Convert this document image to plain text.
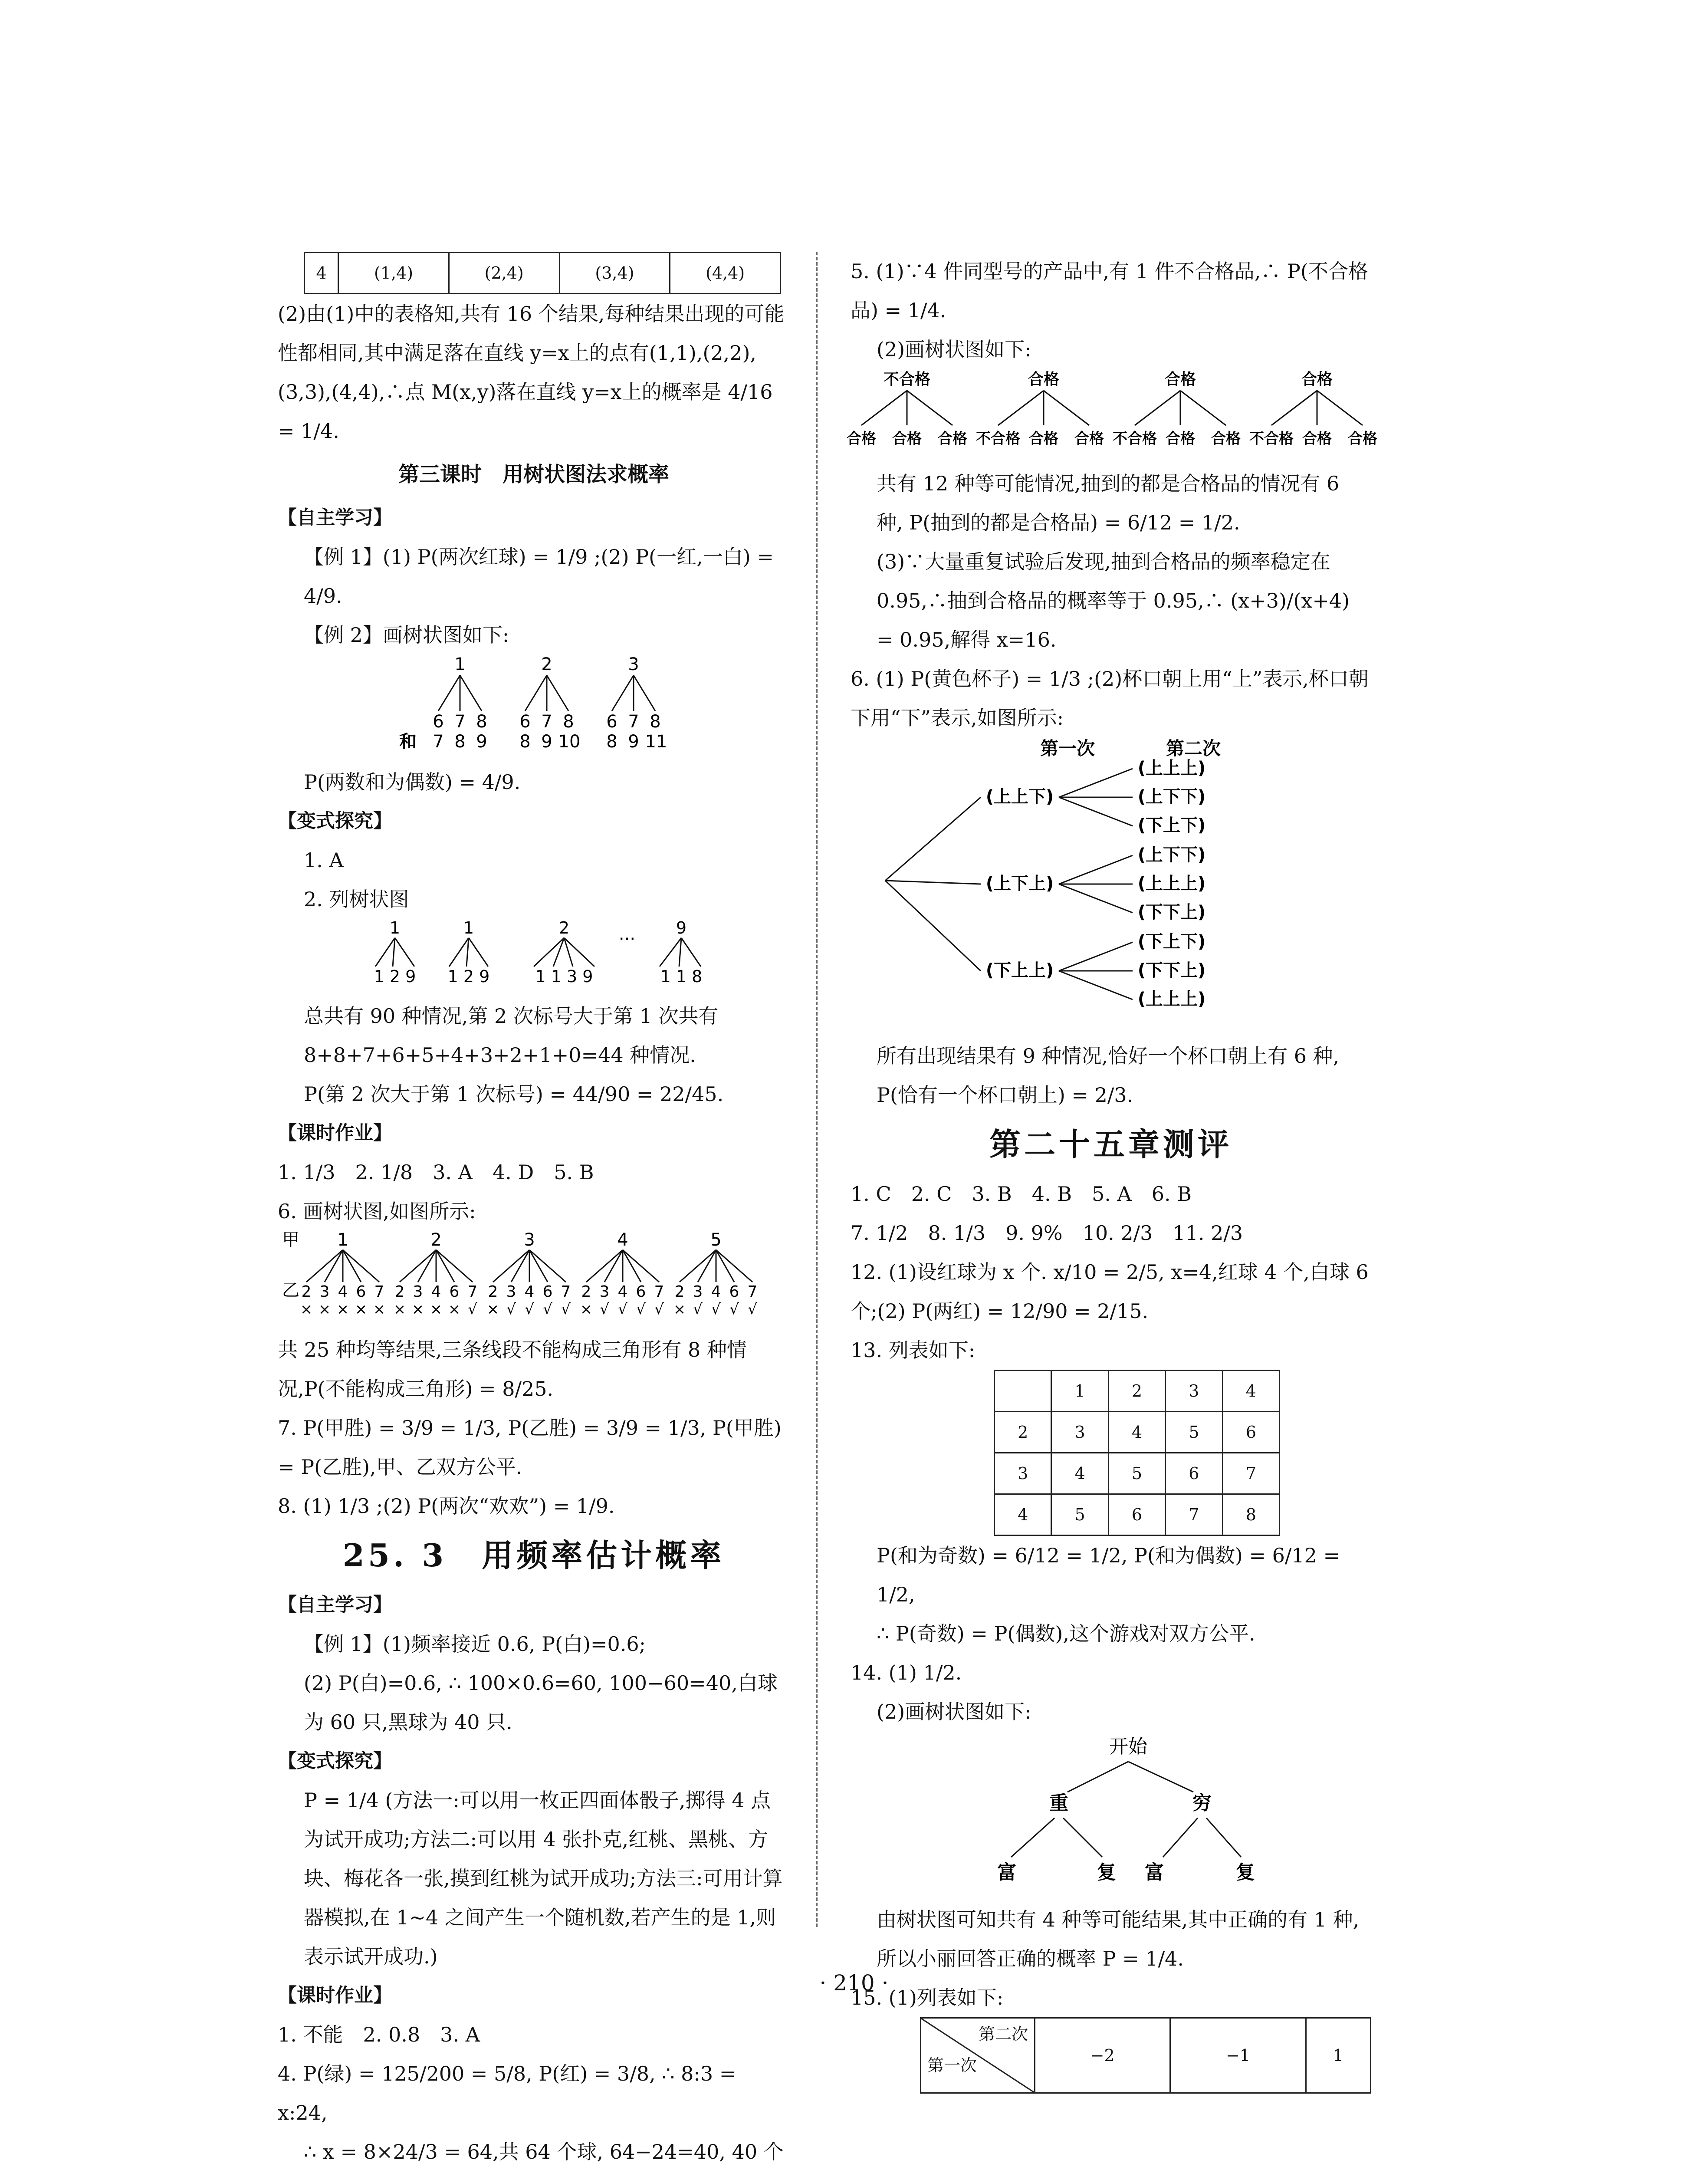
4	(1,4)	(2,4)	(3,4)	(4,4)
(2)由(1)中的表格知,共有 16 个结果,每种结果出现的可能性都相同,其中满足落在直线 y=x上的点有(1,1),(2,2),(3,3),(4,4),∴点 M(x,y)落在直线 y=x上的概率是 4/16 = 1/4.
第三课时　用树状图法求概率
【自主学习】
【例 1】(1) P(两次红球) = 1/9 ;(2) P(一红,一白) = 4/9.
【例 2】画树状图如下:
1
6 7 8
和 7 8 9
2
6 7 8
8 9 10
3
6 7 8
8 9 11
P(两数和为偶数) = 4/9.
【变式探究】
1. A
2. 列树状图
1
1 2 9
1
1 2 9
2
1 1 3 9
···
9
1 1 8
总共有 90 种情况,第 2 次标号大于第 1 次共有 8+8+7+6+5+4+3+2+1+0=44 种情况.
P(第 2 次大于第 1 次标号) = 44/90 = 22/45.
【课时作业】
1. 1/3　2. 1/8　3. A　4. D　5. B
6. 画树状图,如图所示:
甲
乙
1
2 3 4 6 7
× × × × ×
2
2 3 4 6 7
× × × × √
3
2 3 4 6 7
× √ √ √ √
4
2 3 4 6 7
× √ √ √ √
5
2 3 4 6 7
× √ √ √ √
共 25 种均等结果,三条线段不能构成三角形有 8 种情况,P(不能构成三角形) = 8/25.
7. P(甲胜) = 3/9 = 1/3, P(乙胜) = 3/9 = 1/3, P(甲胜) = P(乙胜),甲、乙双方公平.
8. (1) 1/3 ;(2) P(两次“欢欢”) = 1/9.
25. 3　用频率估计概率
【自主学习】
【例 1】(1)频率接近 0.6, P(白)=0.6;
(2) P(白)=0.6, ∴ 100×0.6=60, 100−60=40,白球为 60 只,黑球为 40 只.
【变式探究】
P = 1/4 (方法一:可以用一枚正四面体骰子,掷得 4 点为试开成功;方法二:可以用 4 张扑克,红桃、黑桃、方块、梅花各一张,摸到红桃为试开成功;方法三:可用计算器模拟,在 1~4 之间产生一个随机数,若产生的是 1,则表示试开成功.)
【课时作业】
1. 不能　2. 0.8　3. A
4. P(绿) = 125/200 = 5/8, P(红) = 3/8, ∴ 8:3 = x:24,
∴ x = 8×24/3 = 64,共 64 个球, 64−24=40, 40 个
5. (1)∵4 件同型号的产品中,有 1 件不合格品,∴ P(不合格品) = 1/4.
(2)画树状图如下:
不合格
合格 合格 合格
合格
不合格 合格 合格
合格
不合格 合格 合格
合格
不合格 合格 合格
共有 12 种等可能情况,抽到的都是合格品的情况有 6 种, P(抽到的都是合格品) = 6/12 = 1/2.
(3)∵大量重复试验后发现,抽到合格品的频率稳定在 0.95,∴抽到合格品的概率等于 0.95,∴ (x+3)/(x+4) = 0.95,解得 x=16.
6. (1) P(黄色杯子) = 1/3 ;(2)杯口朝上用“上”表示,杯口朝下用“下”表示,如图所示:
第一次	第二次
(上上下)
(上上上)
(上下下)
(下上下)
(上下上)
(上下下)
(上上上)
(下下上)
(下上上)
(下上下)
(下下上)
(上上上)
所有出现结果有 9 种情况,恰好一个杯口朝上有 6 种, P(恰有一个杯口朝上) = 2/3.
第二十五章测评
1. C　2. C　3. B　4. B　5. A　6. B
7. 1/2　8. 1/3　9. 9%　10. 2/3　11. 2/3
12. (1)设红球为 x 个. x/10 = 2/5, x=4,红球 4 个,白球 6 个;(2) P(两红) = 12/90 = 2/15.
13. 列表如下:
	1	2	3	4
2	3	4	5	6
3	4	5	6	7
4	5	6	7	8
P(和为奇数) = 6/12 = 1/2, P(和为偶数) = 6/12 = 1/2,
∴ P(奇数) = P(偶数),这个游戏对双方公平.
14. (1) 1/2.
(2)画树状图如下:
开始
重	穷
富	复 富	复
由树状图可知共有 4 种等可能结果,其中正确的有 1 种,所以小丽回答正确的概率 P = 1/4.
15. (1)列表如下:
第二次
第一次
	−2	−1	1
· 210 ·
